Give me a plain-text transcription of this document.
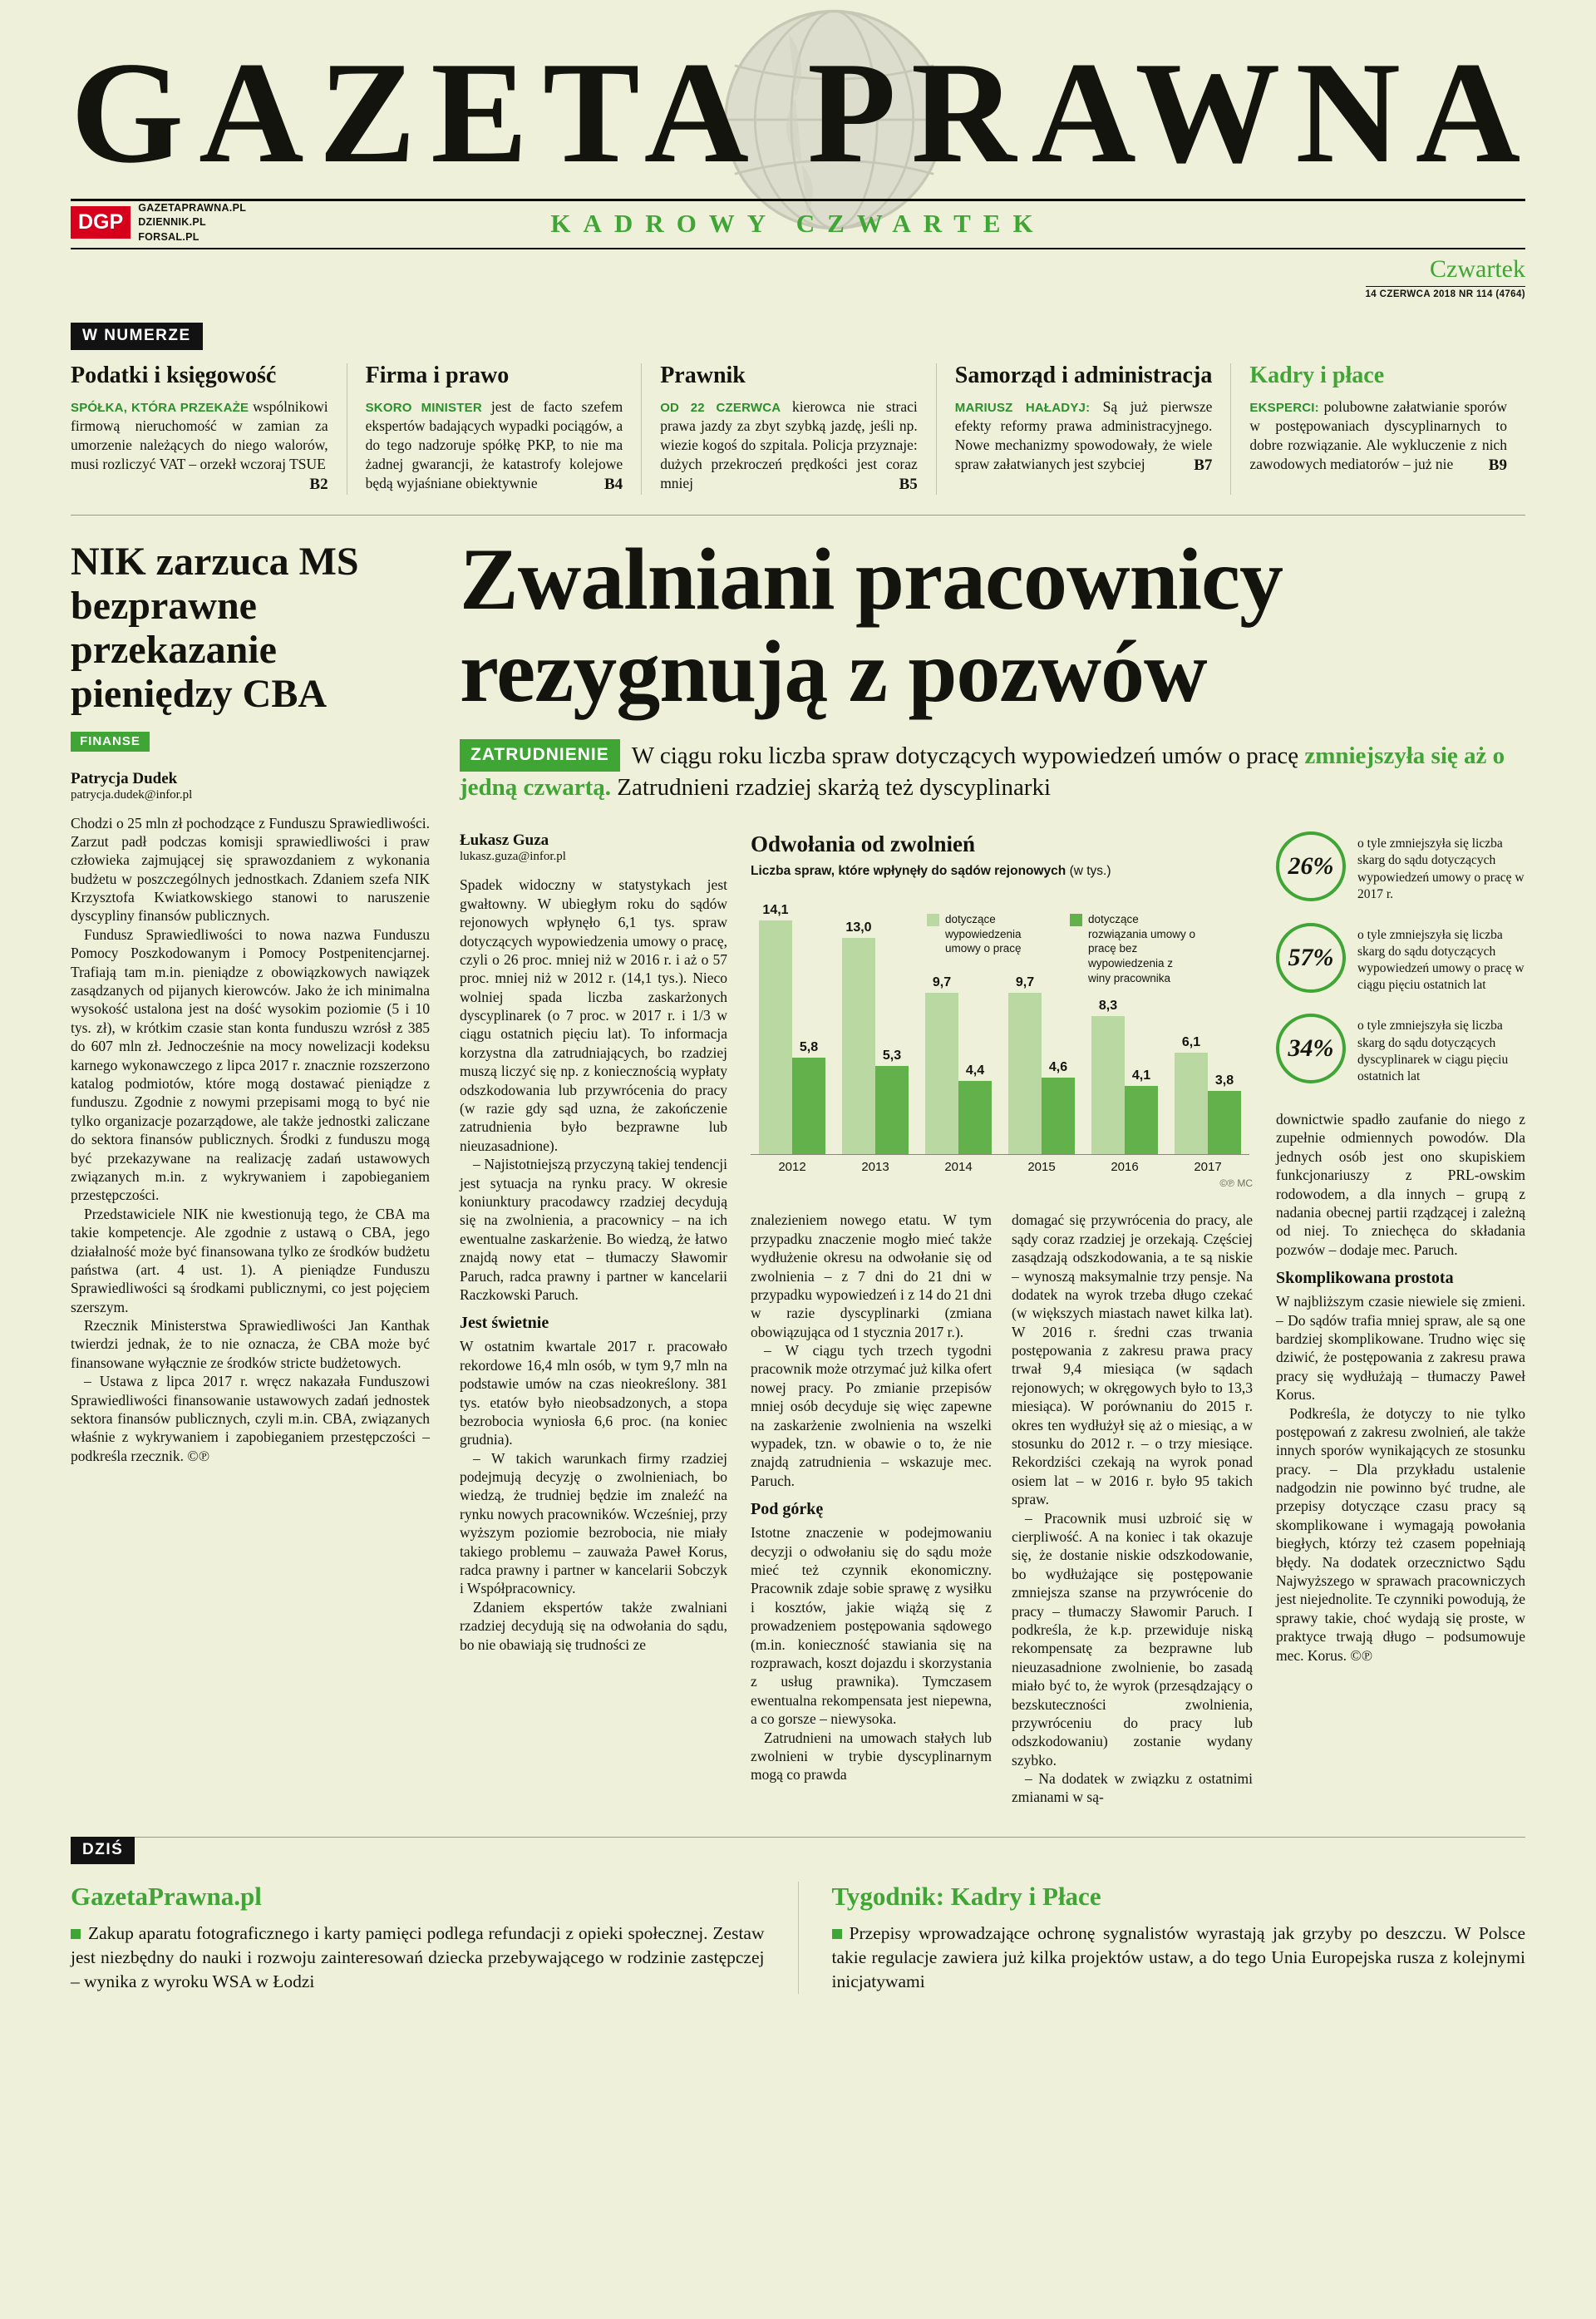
GAZETA PRAWNA
DGP
GAZETAPRAWNA.PL
DZIENNIK.PL
FORSAL.PL	KADROWY CZWARTEK
Czwartek
14 CZERWCA 2018 NR 114 (4764)
W NUMERZE
Podatki i księgowość

SPÓŁKA, KTÓRA PRZEKAŻE wspólnikowi firmową nieruchomość w zamian za umorzenie należących do niego walorów, musi rozliczyć VAT – orzekł wczoraj TSUE
B2

Firma i prawo

SKORO MINISTER jest de facto szefem ekspertów badających wypadki pociągów, a do tego nadzoruje spółkę PKP, to nie ma żadnej gwarancji, że katastrofy kolejowe będą wyjaśniane obiektywnie	B4

Prawnik

OD 22 CZERWCA kierowca nie straci prawa jazdy za zbyt szybką jazdę, jeśli np. wiezie kogoś do szpitala. Policja przyznaje: dużych przekroczeń prędkości jest coraz mniej	B5

Samorząd i administracja

MARIUSZ HAŁADYJ: Są już pierwsze efekty reformy prawa administracyjnego. Nowe mechanizmy spowodowały, że wiele spraw załatwianych jest szybciej	B7

Kadry i płace

EKSPERCI: polubowne załatwianie sporów w postępowaniach dyscyplinarnych to dobre rozwiązanie. Ale wykluczenie z nich zawodowych mediatorów – już nie B9

NIK zarzuca MS bezprawne przekazanie pieniędzy CBA
FINANSE
Patrycja Dudek
patrycja.dudek@infor.pl

Chodzi o 25 mln zł pochodzące z Funduszu Sprawiedliwości. Zarzut padł podczas komisji sprawiedliwości i praw człowieka zajmującej się sprawozdaniem z wykonania budżetu w poszczególnych jednostkach. Zdaniem szefa NIK Krzysztofa Kwiatkowskiego stanowi to naruszenie dyscypliny finansów publicznych.

Fundusz Sprawiedliwości to nowa nazwa Funduszu Pomocy Poszkodowanym i Pomocy Postpenitencjarnej. Trafiają tam m.in. pieniądze z obowiązkowych nawiązek zasądzanych od pijanych kierowców. Jako że ich minimalna wysokość ustalona jest na dość wysokim poziomie (5 i 10 tys. zł), w krótkim czasie stan konta funduszu wzrósł z 385 do 607 mln zł. Jednocześnie na mocy nowelizacji kodeksu karnego wykonawczego z lipca 2017 r. znacznie rozszerzono katalog podmiotów, które mogą dostawać pieniądze z funduszu. Zgodnie z nowymi przepisami mogą to być nie tylko organizacje pozarządowe, ale także jednostki zaliczane do sektora finansów publicznych. Środki z funduszu mogą być przekazywane na realizację zadań ustawowych związanych m.in. z wykrywaniem i zapobieganiem przestępczości.

Przedstawiciele NIK nie kwestionują tego, że CBA ma takie kompetencje. Ale zgodnie z ustawą o CBA, jego działalność może być finansowana tylko ze środków budżetu państwa (art. 4 ust. 1). A pieniądze Funduszu Sprawiedliwości są środkami publicznymi, co jest pojęciem szerszym.

Rzecznik Ministerstwa Sprawiedliwości Jan Kanthak twierdzi jednak, że to nie oznacza, że CBA może być finansowane wyłącznie ze środków stricte budżetowych.

– Ustawa z lipca 2017 r. wręcz nakazała Funduszowi Sprawiedliwości finansowanie ustawowych zadań jednostek sektora finansów publicznych, czyli m.in. CBA, związanych właśnie z wykrywaniem i zapobieganiem przestępczości – podkreśla rzecznik. ©℗

Zwalniani pracownicy rezygnują z pozwów

ZATRUDNIENIE W ciągu roku liczba spraw dotyczących wypowiedzeń umów o pracę zmniejszyła się aż o jedną czwartą. Zatrudnieni rzadziej skarżą też dyscyplinarki

Łukasz Guza
lukasz.guza@infor.pl

Spadek widoczny w statystykach jest gwałtowny. W ubiegłym roku do sądów rejonowych wpłynęło 6,1 tys. spraw dotyczących wypowiedzenia umowy o pracę, czyli o 26 proc. mniej niż w 2016 r. i aż o 57 proc. mniej niż w 2012 r. (14,1 tys.). Nieco wolniej spada liczba zaskarżonych dyscyplinarek (o 7 proc. w 2017 r. i 1/3 w ciągu ostatnich pięciu lat). To informacja korzystna dla zatrudniających, bo rzadziej muszą liczyć się np. z koniecznością wypłaty odszkodowania lub przywrócenia do pracy (w razie gdy sąd uzna, że zakończenie zatrudnienia było bezprawne lub nieuzasadnione).

– Najistotniejszą przyczyną takiej tendencji jest sytuacja na rynku pracy. W okresie koniunktury pracodawcy rzadziej decydują się na zwolnienia, a pracownicy – na ich ewentualne zaskarżenie. Bo wiedzą, że łatwo znajdą nowy etat – tłumaczy Sławomir Paruch, radca prawny i partner w kancelarii Raczkowski Paruch.

Jest świetnie

W ostatnim kwartale 2017 r. pracowało rekordowe 16,4 mln osób, w tym 9,7 mln na podstawie umów na czas nieokreślony. 381 tys. etatów było nieobsadzonych, a stopa bezrobocia wyniosła 6,6 proc. (na koniec grudnia).

– W takich warunkach firmy rzadziej podejmują decyzję o zwolnieniach, bo wiedzą, że trudniej będzie im znaleźć na rynku nowych pracowników. Wcześniej, przy wyższym poziomie bezrobocia, nie miały takiego problemu – zauważa Paweł Korus, radca prawny i partner w kancelarii Sobczyk i Współpracownicy.

Zdaniem ekspertów także zwalniani rzadziej decydują się na odwołania do sądu, bo nie obawiają się trudności ze

Odwołania od zwolnień
Liczba spraw, które wpłynęły do sądów rejonowych (w tys.)
dotyczące wypowiedzenia umowy o pracę
dotyczące rozwiązania umowy o pracę bez wypowiedzenia z winy pracownika
14,1
5,8
2012
13,0
5,3
2013
9,7
4,4
2014
9,7
4,6
2015
8,3
4,1
2016
6,1
3,8
2017
©℗ MC

znalezieniem nowego etatu. W tym przypadku znaczenie mogło mieć także wydłużenie okresu na odwołanie się od zwolnienia – z 7 dni do 21 dni w przypadku wypowiedzeń i z 14 do 21 dni w razie dyscyplinarki (zmiana obowiązująca od 1 stycznia 2017 r.).

– W ciągu tych trzech tygodni pracownik może otrzymać już kilka ofert nowej pracy. Po zmianie przepisów mniej osób decyduje się więc zapewne na zaskarżenie zwolnienia na wszelki wypadek, tzn. w obawie o to, że nie znajdą zatrudnienia – wskazuje mec. Paruch.

Pod górkę

Istotne znaczenie w podejmowaniu decyzji o odwołaniu się do sądu może mieć też czynnik ekonomiczny. Pracownik zdaje sobie sprawę z wysiłku i kosztów, jakie wiążą się z prowadzeniem postępowania sądowego (m.in. konieczność stawiania się na rozprawach, koszt dojazdu i skorzystania z usług prawnika). Tymczasem ewentualna rekompensata jest niepewna, a co gorsze – niewysoka.

Zatrudnieni na umowach stałych lub zwolnieni w trybie dyscyplinarnym mogą co prawda

domagać się przywrócenia do pracy, ale sądy coraz rzadziej je orzekają. Częściej zasądzają odszkodowania, a te są niskie – wynoszą maksymalnie trzy pensje. Na dodatek na wyrok trzeba długo czekać (w większych miastach nawet kilka lat). W 2016 r. średni czas trwania postępowania z zakresu prawa pracy trwał 9,4 miesiąca (w sądach rejonowych; w okręgowych było to 13,3 miesiąca). W porównaniu do 2015 r. okres ten wydłużył się aż o miesiąc, a w stosunku do 2012 r. – o trzy miesiące. Rekordziści czekają na wyrok ponad osiem lat – w 2016 r. było 95 takich spraw.

– Pracownik musi uzbroić się w cierpliwość. A na koniec i tak okazuje się, że dostanie niskie odszkodowanie, bo wydłużające się postępowanie zmniejsza szanse na przywrócenie do pracy – tłumaczy Sławomir Paruch. I podkreśla, że k.p. przewiduje niską rekompensatę za bezprawne lub nieuzasadnione zwolnienie, bo zasadą miało być to, że wyrok (przesądzający o bezskuteczności zwolnienia, przywróceniu do pracy lub odszkodowaniu) zostanie wydany szybko.

– Na dodatek w związku z ostatnimi zmianami w są-

26%
o tyle zmniejszyła się liczba skarg do sądu dotyczących wypowiedzeń umowy o pracę w 2017 r.
57%
o tyle zmniejszyła się liczba skarg do sądu dotyczących wypowiedzeń umowy o pracę w ciągu pięciu ostatnich lat
34%
o tyle zmniejszyła się liczba skarg do sądu dotyczących dyscyplinarek w ciągu pięciu ostatnich lat

downictwie spadło zaufanie do niego z zupełnie odmiennych powodów. Dla jednych osób jest ono skupiskiem funkcjonariuszy z PRL-owskim rodowodem, a dla innych – grupą z nadania obecnej partii rządzącej i zależną od niej. To zniechęca do składania pozwów – dodaje mec. Paruch.

Skomplikowana prostota

W najbliższym czasie niewiele się zmieni. – Do sądów trafia mniej spraw, ale są one bardziej skomplikowane. Trudno więc się dziwić, że postępowania z zakresu prawa pracy się wydłużają – tłumaczy Paweł Korus.

Podkreśla, że dotyczy to nie tylko postępowań z zakresu zwolnień, ale także innych sporów wynikających ze stosunku pracy. – Dla przykładu ustalenie nadgodzin nie powinno być trudne, ale przepisy dotyczące czasu pracy są skomplikowane i wymagają powołania biegłych, którzy też czasem popełniają błędy. Na dodatek orzecznictwo Sądu Najwyższego w sprawach pracowniczych jest niejednolite. Te czynniki powodują, że sprawy takie, choć wydają się proste, w praktyce trwają długo – podsumowuje mec. Korus. ©℗

DZIŚ
GazetaPrawna.pl

Zakup aparatu fotograficznego i karty pamięci podlega refundacji z opieki społecznej. Zestaw jest niezbędny do nauki i rozwoju zainteresowań dziecka przebywającego w rodzinie zastępczej – wynika z wyroku WSA w Łodzi

Tygodnik: Kadry i Płace

Przepisy wprowadzające ochronę sygnalistów wyrastają jak grzyby po deszczu. W Polsce takie regulacje zawiera już kilka projektów ustaw, a do tego Unia Europejska rusza z kolejnymi inicjatywami
